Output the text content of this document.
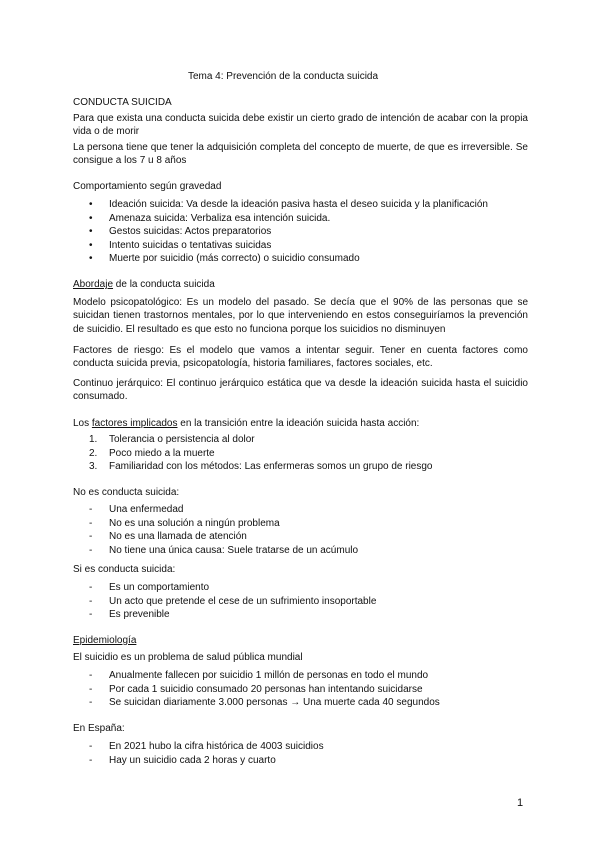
Tema 4: Prevención de la conducta suicida
CONDUCTA SUICIDA
Para que exista una conducta suicida debe existir un cierto grado de intención de acabar con la propia vida o de morir
La persona tiene que tener la adquisición completa del concepto de muerte, de que es irreversible. Se consigue a los 7 u 8 años
Comportamiento según gravedad
• Ideación suicida: Va desde la ideación pasiva hasta el deseo suicida y la planificación
• Amenaza suicida: Verbaliza esa intención suicida.
• Gestos suicidas: Actos preparatorios
• Intento suicidas o tentativas suicidas
• Muerte por suicidio (más correcto) o suicidio consumado
Abordaje de la conducta suicida
Modelo psicopatológico: Es un modelo del pasado. Se decía que el 90% de las personas que se suicidan tienen trastornos mentales, por lo que interveniendo en estos conseguiríamos la prevención de suicidio. El resultado es que esto no funciona porque los suicidios no disminuyen
Factores de riesgo: Es el modelo que vamos a intentar seguir. Tener en cuenta factores como conducta suicida previa, psicopatología, historia familiares, factores sociales, etc.
Continuo jerárquico: El continuo jerárquico estática que va desde la ideación suicida hasta el suicidio consumado.
Los factores implicados en la transición entre la ideación suicida hasta acción:
1. Tolerancia o persistencia al dolor
2. Poco miedo a la muerte
3. Familiaridad con los métodos: Las enfermeras somos un grupo de riesgo
No es conducta suicida:
- Una enfermedad
- No es una solución a ningún problema
- No es una llamada de atención
- No tiene una única causa: Suele tratarse de un acúmulo
Si es conducta suicida:
- Es un comportamiento
- Un acto que pretende el cese de un sufrimiento insoportable
- Es prevenible
Epidemiología
El suicidio es un problema de salud pública mundial
- Anualmente fallecen por suicidio 1 millón de personas en todo el mundo
- Por cada 1 suicidio consumado 20 personas han intentando suicidarse
- Se suicidan diariamente 3.000 personas → Una muerte cada 40 segundos
En España:
- En 2021 hubo la cifra histórica de 4003 suicidios
- Hay un suicidio cada 2 horas y cuarto
1
